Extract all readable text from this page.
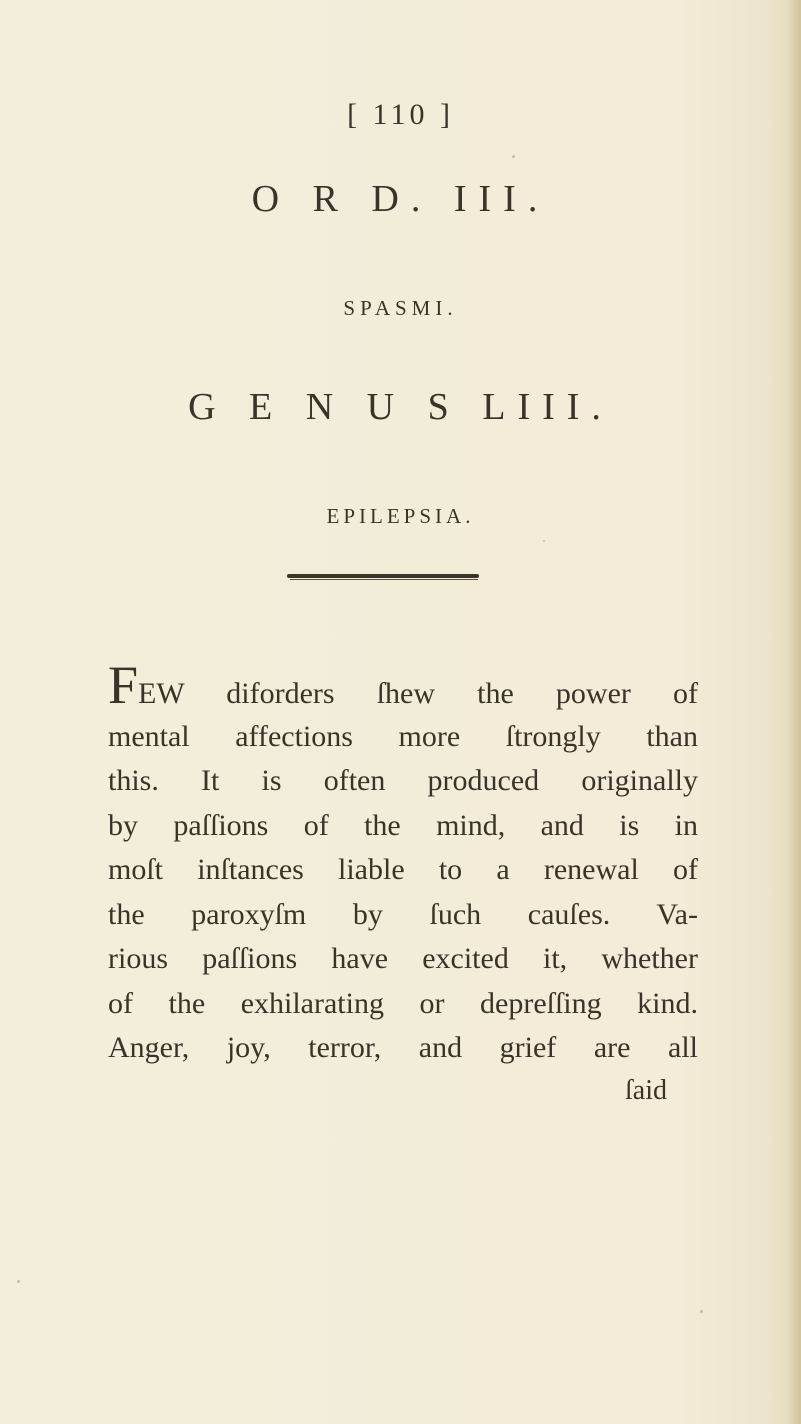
[ 110 ]
O R D. III.
SPASMI.
G E N U S LIII.
EPILEPSIA.
FEW diforders ſhew the power of
mental affections more ſtrongly than
this. It is often produced originally
by paſſions of the mind, and is in
moſt inſtances liable to a renewal of
the paroxyſm by ſuch cauſes. Va-
rious paſſions have excited it, whether
of the exhilarating or depreſſing kind.
Anger, joy, terror, and grief are all
ſaid
